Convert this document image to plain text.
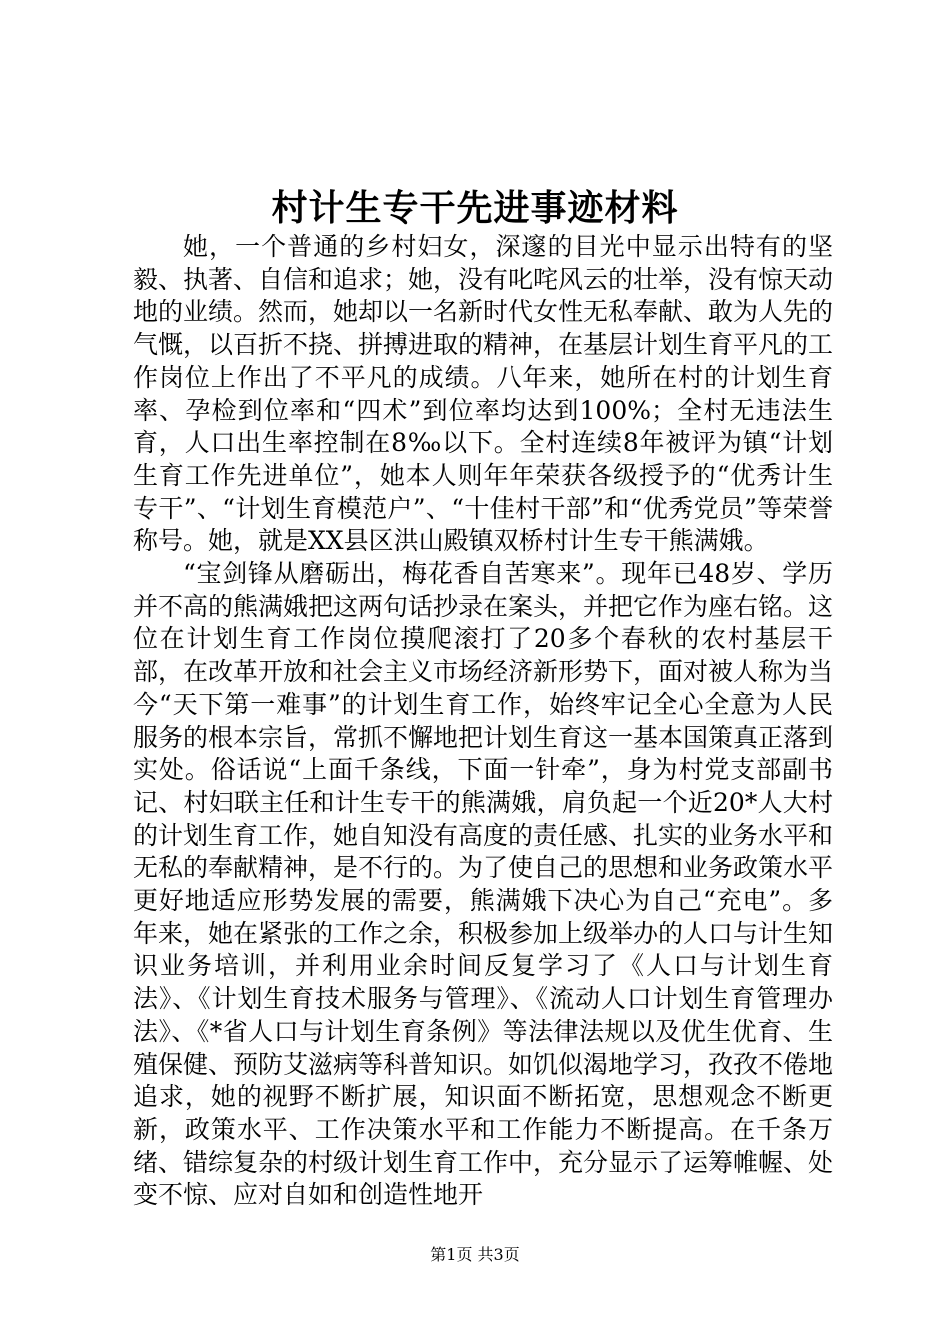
村计生专干先进事迹材料

她，一个普通的乡村妇女，深邃的目光中显示出特有的坚毅、执著、自信和追求；她，没有叱咤风云的壮举，没有惊天动地的业绩。然而，她却以一名新时代女性无私奉献、敢为人先的气慨，以百折不挠、拼搏进取的精神，在基层计划生育平凡的工作岗位上作出了不平凡的成绩。八年来，她所在村的计划生育率、孕检到位率和“四术”到位率均达到100%；全村无违法生育，人口出生率控制在8‰以下。全村连续8年被评为镇“计划生育工作先进单位”，她本人则年年荣获各级授予的“优秀计生专干”、“计划生育模范户”、“十佳村干部”和“优秀党员”等荣誉称号。她，就是XX县区洪山殿镇双桥村计生专干熊满娥。

“宝剑锋从磨砺出，梅花香自苦寒来”。现年已48岁、学历并不高的熊满娥把这两句话抄录在案头，并把它作为座右铭。这位在计划生育工作岗位摸爬滚打了20多个春秋的农村基层干部，在改革开放和社会主义市场经济新形势下，面对被人称为当今“天下第一难事”的计划生育工作，始终牢记全心全意为人民服务的根本宗旨，常抓不懈地把计划生育这一基本国策真正落到实处。俗话说“上面千条线，下面一针牵”，身为村党支部副书记、村妇联主任和计生专干的熊满娥，肩负起一个近20*人大村的计划生育工作，她自知没有高度的责任感、扎实的业务水平和无私的奉献精神，是不行的。为了使自己的思想和业务政策水平更好地适应形势发展的需要，熊满娥下决心为自己“充电”。多年来，她在紧张的工作之余，积极参加上级举办的人口与计生知识业务培训，并利用业余时间反复学习了《人口与计划生育法》、《计划生育技术服务与管理》、《流动人口计划生育管理办法》、《*省人口与计划生育条例》等法律法规以及优生优育、生殖保健、预防艾滋病等科普知识。如饥似渴地学习，孜孜不倦地追求，她的视野不断扩展，知识面不断拓宽，思想观念不断更新，政策水平、工作决策水平和工作能力不断提高。在千条万绪、错综复杂的村级计划生育工作中，充分显示了运筹帷幄、处变不惊、应对自如和创造性地开

第1页 共3页
